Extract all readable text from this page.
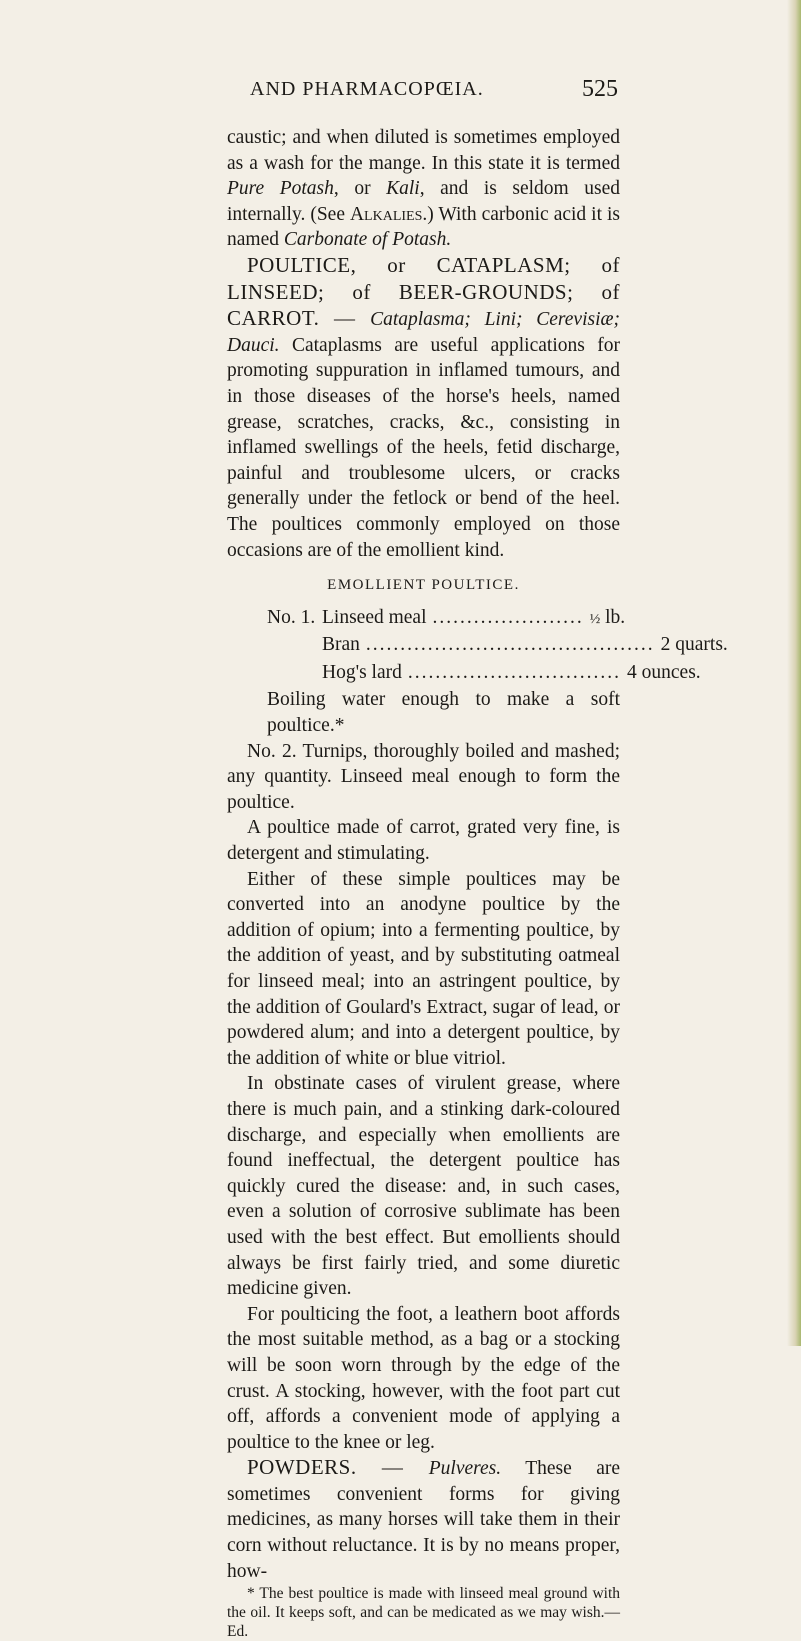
AND PHARMACOPŒIA.	525

caustic; and when diluted is sometimes employed as a wash for the mange. In this state it is termed Pure Potash, or Kali, and is seldom used internally. (See Alkalies.) With carbonic acid it is named Carbonate of Potash.

POULTICE, or CATAPLASM; of LINSEED; of BEER-GROUNDS; of CARROT. — Cataplasma; Lini; Cerevisiæ; Dauci. Cataplasms are useful applications for promoting suppuration in inflamed tumours, and in those diseases of the horse's heels, named grease, scratches, cracks, &c., consisting in inflamed swellings of the heels, fetid discharge, painful and troublesome ulcers, or cracks generally under the fetlock or bend of the heel. The poultices commonly employed on those occasions are of the emollient kind.

EMOLLIENT POULTICE.
No. 1. Linseed meal ...................... ½ lb.
Bran .......................................... 2 quarts.
Hog's lard ............................... 4 ounces.
Boiling water enough to make a soft poultice.*

No. 2. Turnips, thoroughly boiled and mashed; any quantity. Linseed meal enough to form the poultice.

A poultice made of carrot, grated very fine, is detergent and stimulating.

Either of these simple poultices may be converted into an anodyne poultice by the addition of opium; into a fermenting poultice, by the addition of yeast, and by substituting oatmeal for linseed meal; into an astringent poultice, by the addition of Goulard's Extract, sugar of lead, or powdered alum; and into a detergent poultice, by the addition of white or blue vitriol.

In obstinate cases of virulent grease, where there is much pain, and a stinking dark-coloured discharge, and especially when emollients are found ineffectual, the detergent poultice has quickly cured the disease: and, in such cases, even a solution of corrosive sublimate has been used with the best effect. But emollients should always be first fairly tried, and some diuretic medicine given.

For poulticing the foot, a leathern boot affords the most suitable method, as a bag or a stocking will be soon worn through by the edge of the crust. A stocking, however, with the foot part cut off, affords a convenient mode of applying a poultice to the knee or leg.

POWDERS. — Pulveres. These are sometimes convenient forms for giving medicines, as many horses will take them in their corn without reluctance. It is by no means proper, how-

* The best poultice is made with linseed meal ground with the oil. It keeps soft, and can be medicated as we may wish.—Ed.
